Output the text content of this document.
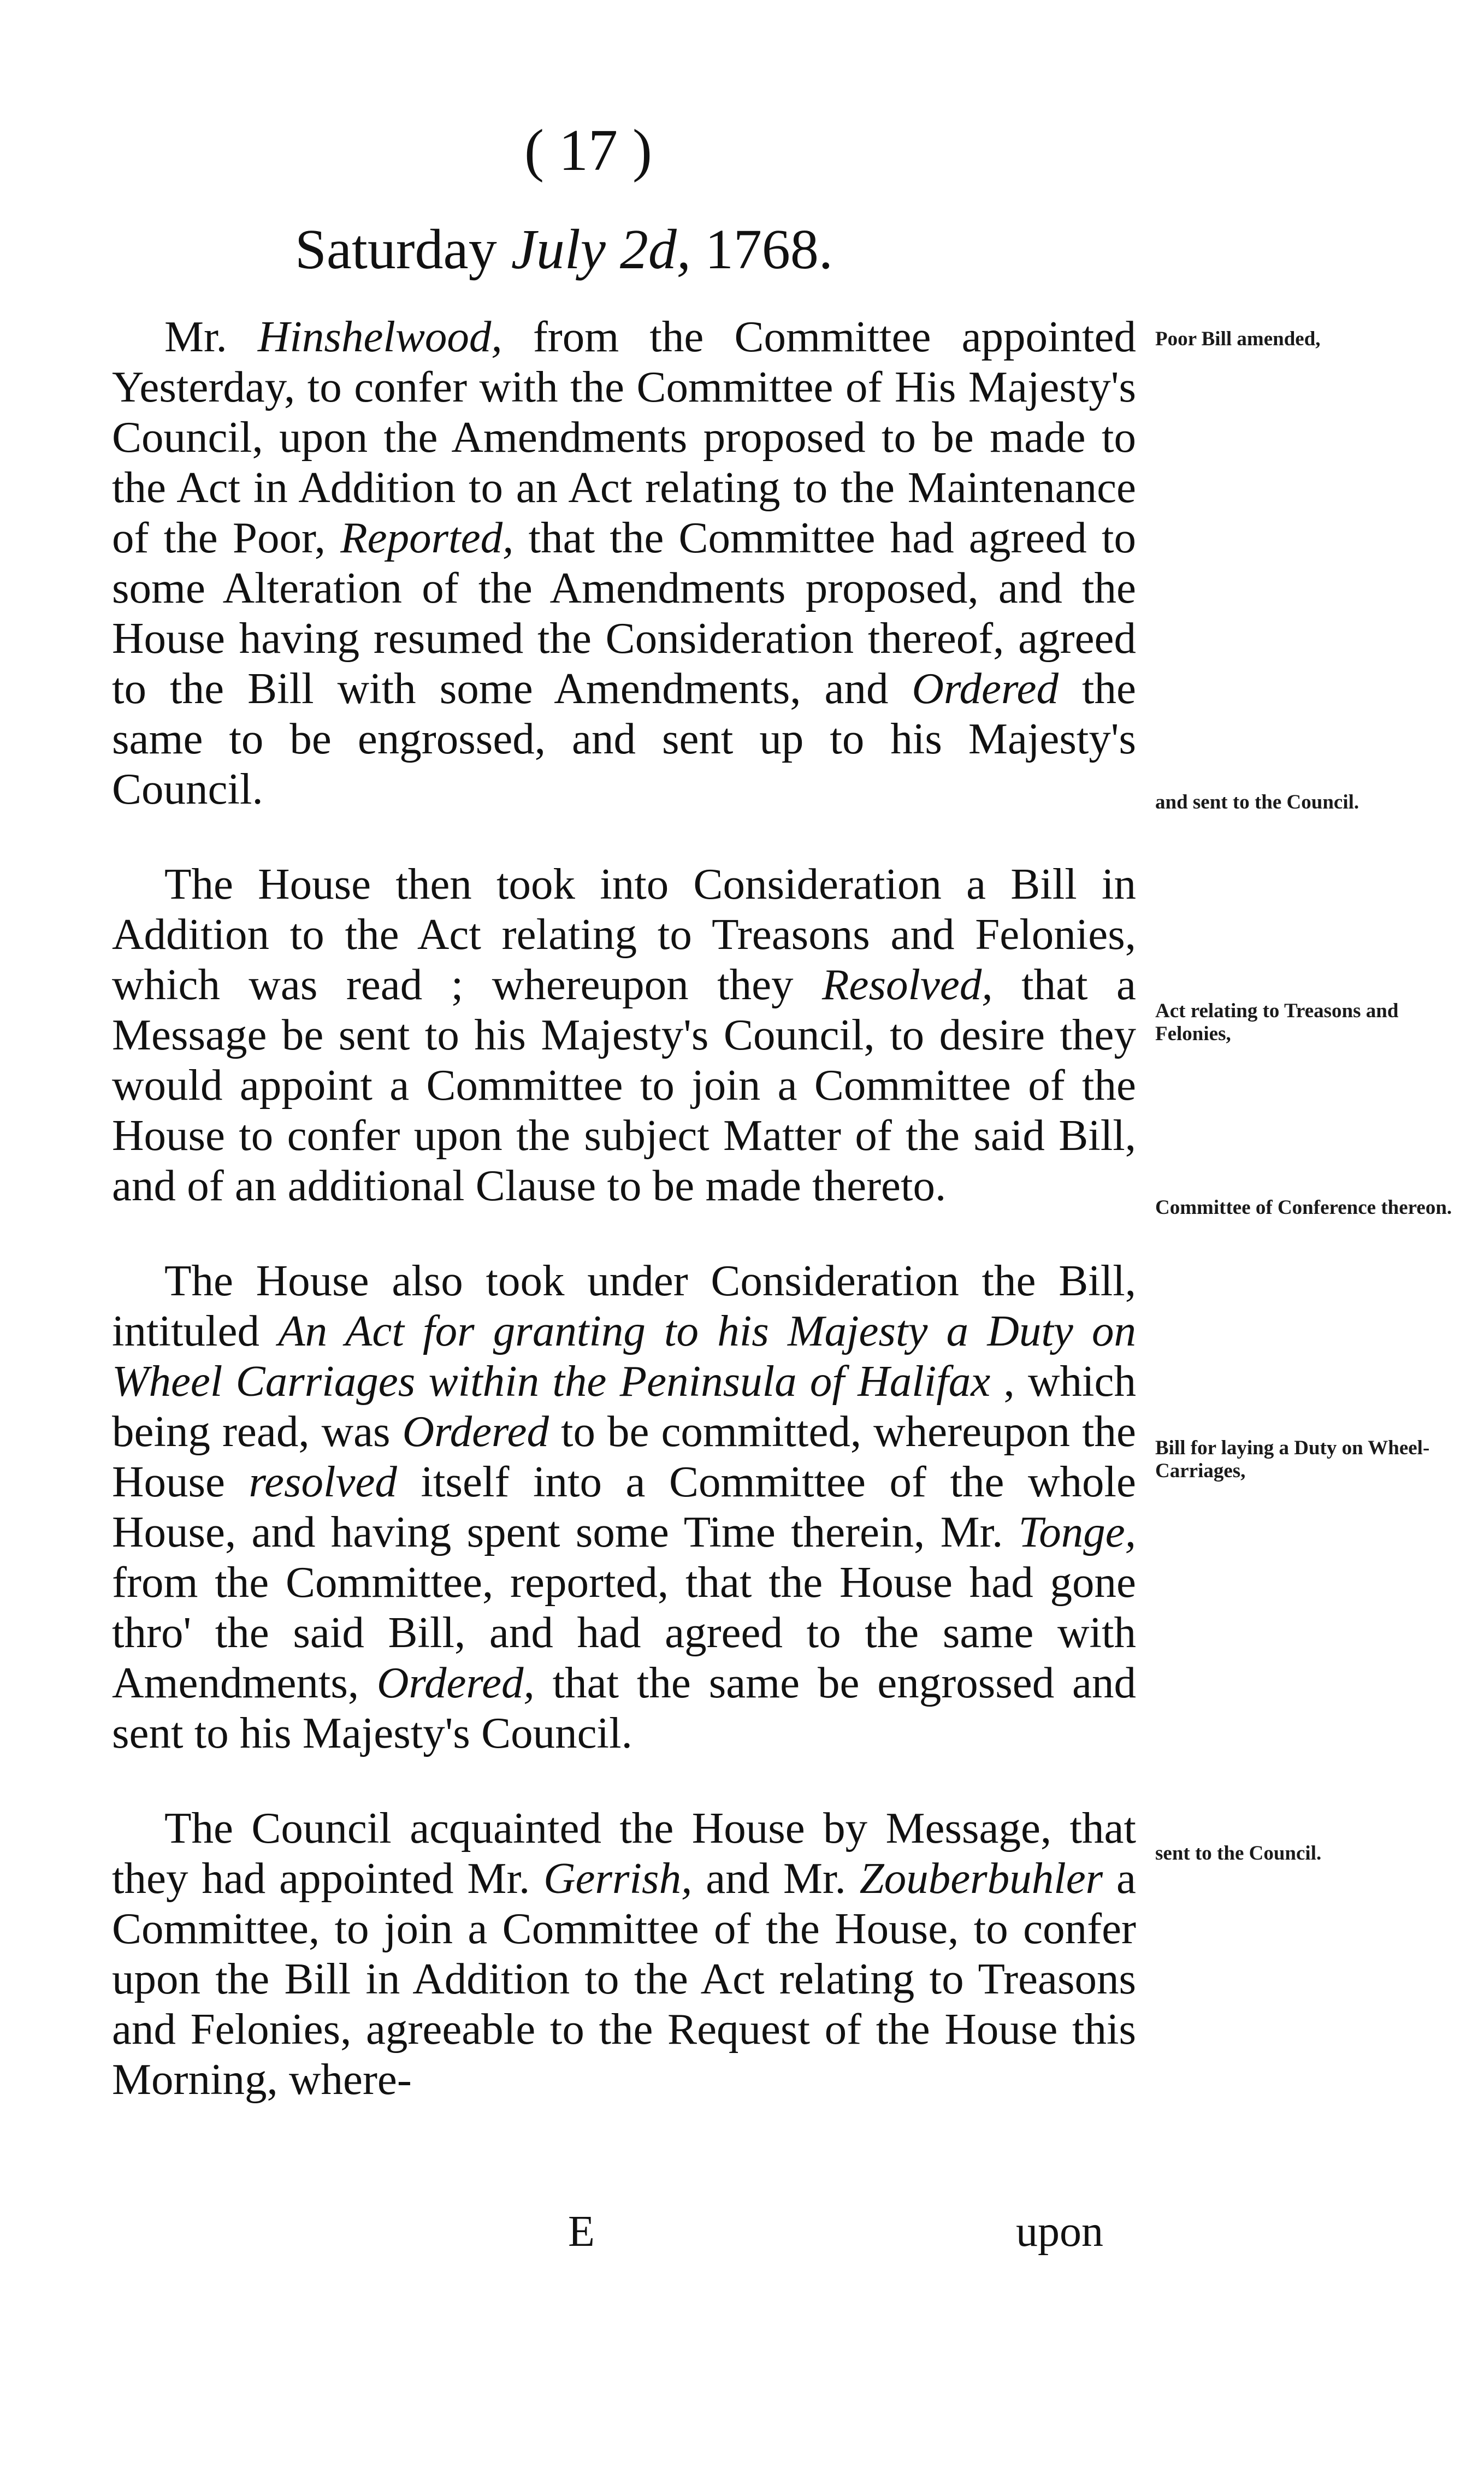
( 17 )
Saturday July 2d, 1768.

Mr. Hinshelwood, from the Committee appointed Yesterday, to confer with the Committee of His Majesty's Council, upon the Amendments proposed to be made to the Act in Addition to an Act relating to the Maintenance of the Poor, Reported, that the Committee had agreed to some Alteration of the Amendments proposed, and the House having resumed the Consideration thereof, agreed to the Bill with some Amendments, and Ordered the same to be engrossed, and sent up to his Majesty's Council.

The House then took into Consideration a Bill in Addition to the Act relating to Treasons and Felonies, which was read ; whereupon they Resolved, that a Message be sent to his Majesty's Council, to desire they would appoint a Committee to join a Committee of the House to confer upon the subject Matter of the said Bill, and of an additional Clause to be made thereto.

The House also took under Consideration the Bill, intituled An Act for granting to his Majesty a Duty on Wheel Carriages within the Peninsula of Halifax , which being read, was Ordered to be committed, whereupon the House resolved itself into a Committee of the whole House, and having spent some Time therein, Mr. Tonge, from the Committee, reported, that the House had gone thro' the said Bill, and had agreed to the same with Amendments, Ordered, that the same be engrossed and sent to his Majesty's Council.

The Council acquainted the House by Message, that they had appointed Mr. Gerrish, and Mr. Zouberbuhler a Committee, to join a Committee of the House, to confer upon the Bill in Addition to the Act relating to Treasons and Felonies, agreeable to the Request of the House this Morning, where-

Poor Bill amended,
and sent to the Council.
Act relating to Treasons and Felonies,
Committee of Conference thereon.
Bill for laying a Duty on Wheel-Carriages,
sent to the Council.
E	upon
